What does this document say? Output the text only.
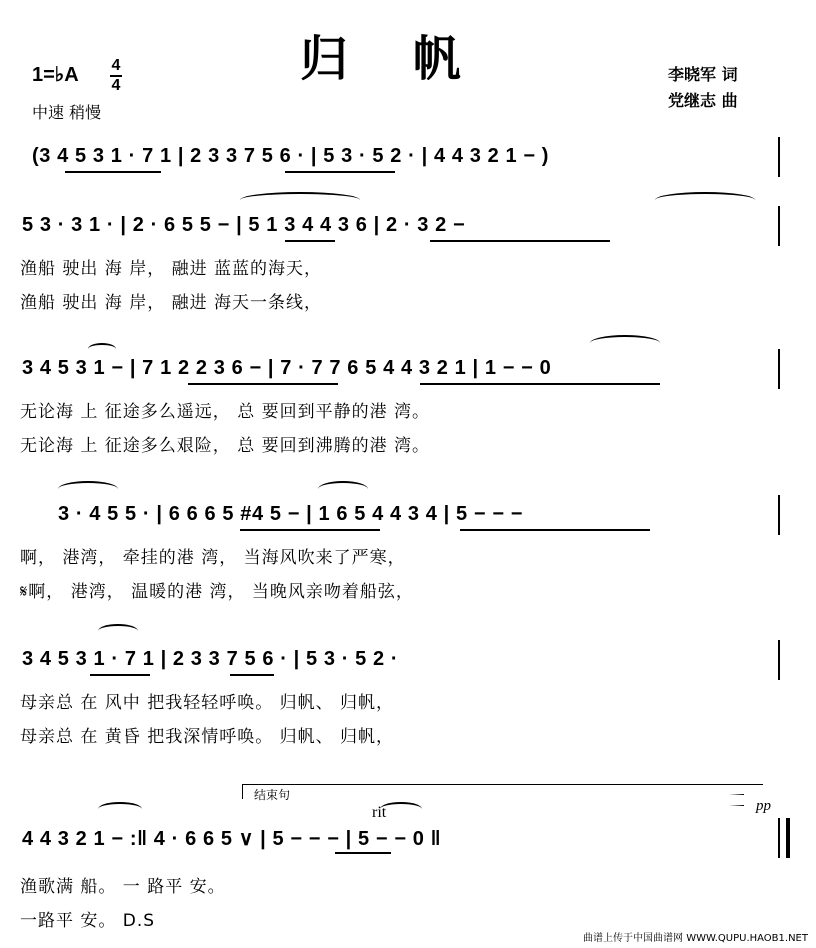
归 帆
1=♭A 4
4
中速 稍慢
李晓军 词
党继志 曲
(3 4 5 3 1 · 7 1 | 2 3 3 7 5 6 · | 5 3 · 5 2 · | 4 4 3 2 1 − )
5 3 · 3 1 · | 2 · 6 5 5 − | 5 1 3 4 4 3 6 | 2 · 3 2 −
渔船 驶出 海 岸， 融进 蓝蓝的海天，
渔船 驶出 海 岸， 融进 海天一条线，
3 4 5 3 1 − | 7 1 2 2 3 6 − | 7 · 7 7 6 5 4 4 3 2 1 | 1 − − 0
无论海 上 征途多么遥远， 总 要回到平静的港 湾。
无论海 上 征途多么艰险， 总 要回到沸腾的港 湾。
3 · 4 5 5 · | 6 6 6 5 #4 5 − | 1 6 5 4 4 3 4 | 5 − − −
啊， 港湾， 牵挂的港 湾， 当海风吹来了严寒，
𝄋啊， 港湾， 温暖的港 湾， 当晚风亲吻着船弦，
3 4 5 3 1 · 7 1 | 2 3 3 7 5 6 · | 5 3 · 5 2 ·
母亲总 在 风中 把我轻轻呼唤。 归帆、 归帆，
母亲总 在 黄昏 把我深情呼唤。 归帆、 归帆，
结束句
rit	pp
4 4 3 2 1 − :‖ 4 · 6 6 5 ∨ | 5 − − − | 5 − − 0 ‖
渔歌满 船。 一 路平 安。
一路平 安。 D.S
曲谱上传于中国曲谱网 WWW.QUPU.HAOB1.NET
